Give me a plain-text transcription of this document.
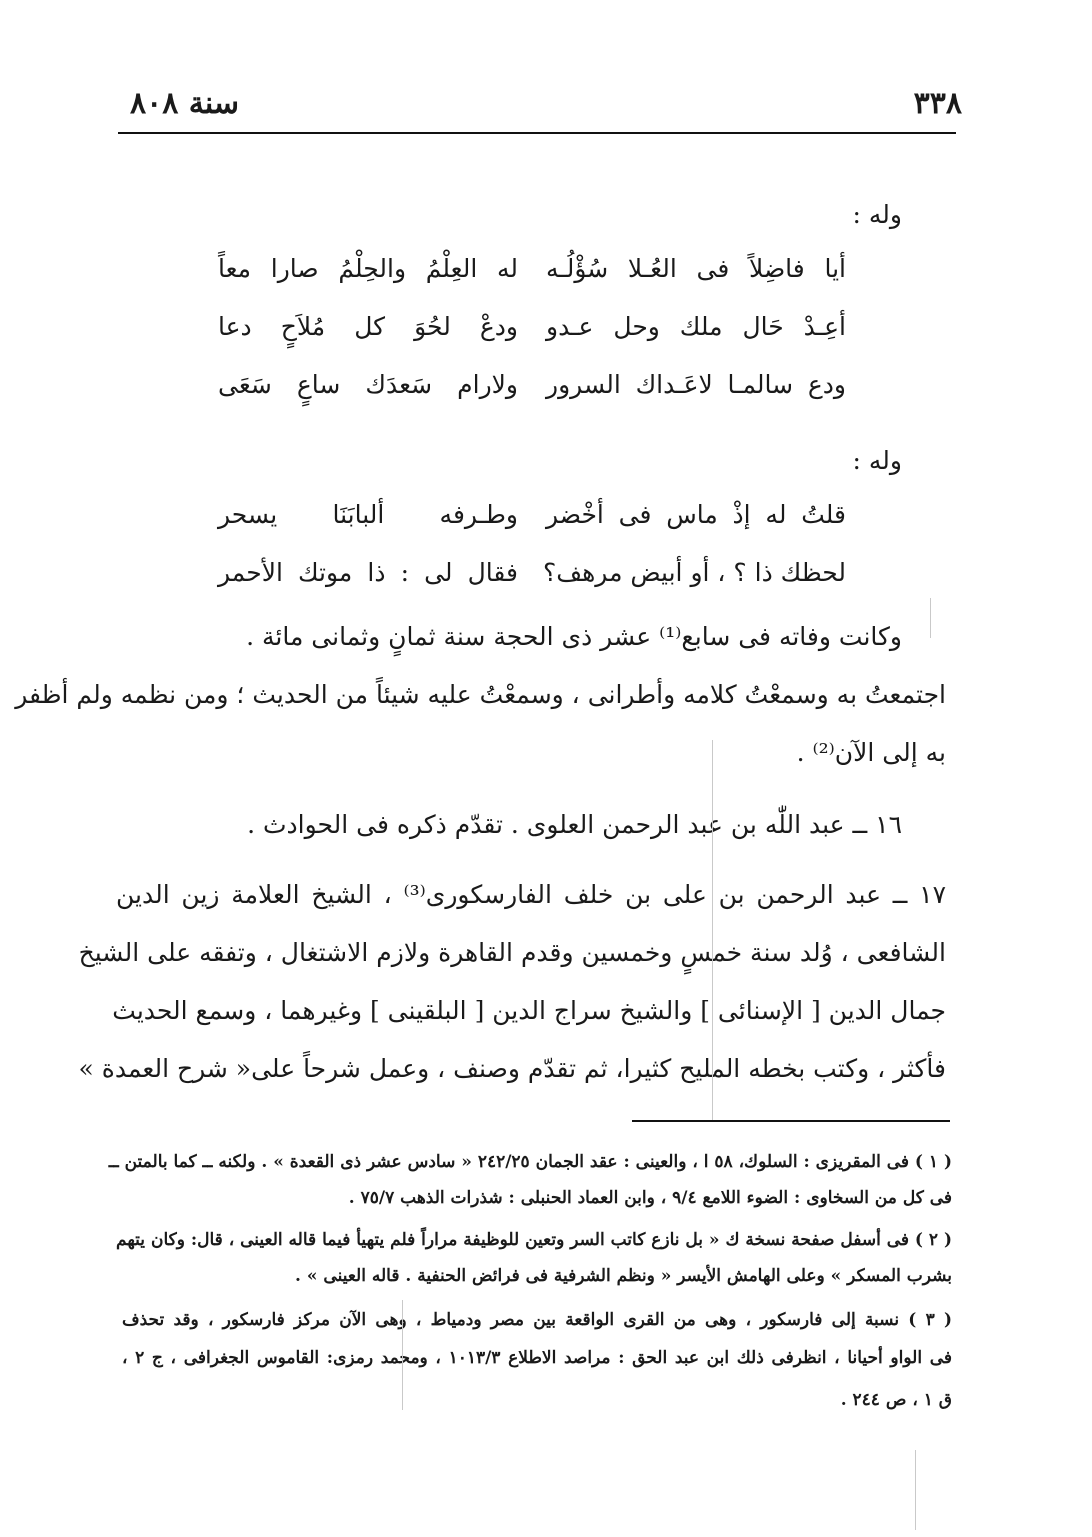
٣٣٨
سنة ٨٠٨
وله :
أيا فاضِلاً فى العُـلا سُؤْلُـه
له العِلْمُ والحِلْمُ صارا معاً
أعِـدْ حَال ملك وحل عـدو
ودعْ لحُوَ كل مُلاَحٍ دعا
ودع سالمـا لاعَـداك السرور
ولارام سَعدَك ساعٍ سَعَى
وله :
قلتُ له إذْ ماس فى أخْضر
وطـرفه ألبابَنَا يسحر
لحظك ذا ؟ ، أو أبيض مرهف؟
فقال لى : ذا موتك الأحمر
وكانت وفاته فى سابع⁽¹⁾ عشر ذى الحجة سنة ثمانٍ وثمانى مائة .
اجتمعتُ به وسمعْتُ كلامه وأطرانى ، وسمعْتُ عليه شيئاً من الحديث ؛ ومن نظمه ولم أظفر
به إلى الآن⁽²⁾ .
١٦ ــ عبد اللّٰه بن عبد الرحمن العلوى . تقدّم ذكره فى الحوادث .
١٧ ــ عبد الرحمن بن على بن خلف الفارسكورى⁽³⁾ ، الشيخ العلامة زين الدين
الشافعى ، وُلد سنة خمسٍ وخمسين وقدم القاهرة ولازم الاشتغال ، وتفقه على الشيخ
جمال الدين [ الإسنائى ] والشيخ سراج الدين [ البلقينى ] وغيرهما ، وسمع الحديث
فأكثر ، وكتب بخطه المليح كثيرا، ثم تقدّم وصنف ، وعمل شرحاً على« شرح العمدة »
( ١ ) فى المقريزى : السلوك، ٥٨ ا ، والعينى : عقد الجمان ٢٤٢/٢٥ « سادس عشر ذى القعدة » . ولكنه ــ كما بالمتن ــ
فى كل من السخاوى : الضوء اللامع ٩/٤ ، وابن العماد الحنبلى : شذرات الذهب ٧٥/٧ .
( ٢ ) فى أسفل صفحة نسخة ك « بل نازع كاتب السر وتعين للوظيفة مراراً فلم يتهيأ فيما قاله العينى ، قال: وكان يتهم
بشرب المسكر » وعلى الهامش الأيسر « ونظم الشرفية فى فرائض الحنفية . قاله العينى » .
( ٣ ) نسبة إلى فارسكور ، وهى من القرى الواقعة بين مصر ودمياط ، وهى الآن مركز فارسكور ، وقد تحذف
فى الواو أحيانا ، انظرفى ذلك ابن عبد الحق : مراصد الاطلاع ١٠١٣/٣ ، ومحمد رمزى: القاموس الجغرافى ، ج ٢ ،
ق ١ ، ص ٢٤٤ .
